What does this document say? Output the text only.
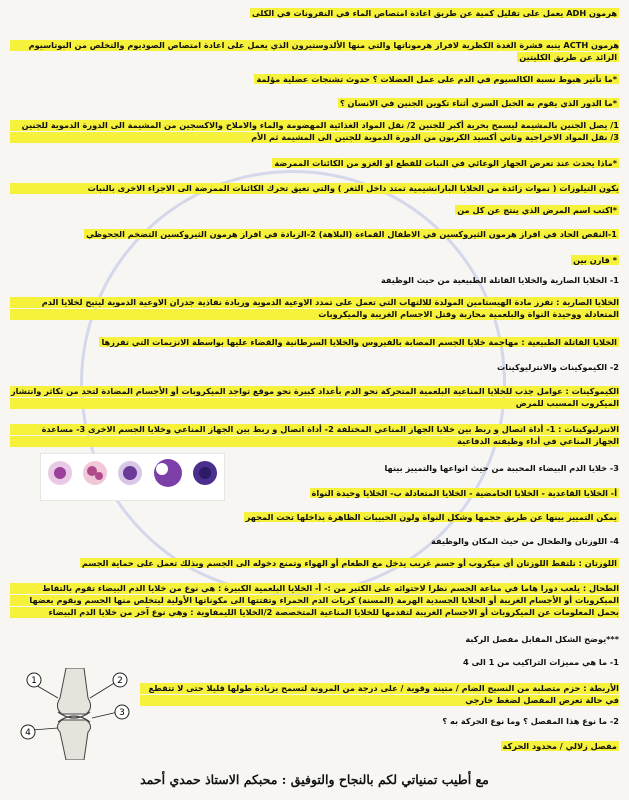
هرمون ADH يعمل على تقليل كمية عن طريق اعادة امتصاص الماء في النفرونات في الكلى
هرمون ACTH ينبه قشرة الغدة الكظرية لافراز هرموناتها والتي منها الألدوستيرون الذي يعمل على اعادة امتصاص الصوديوم والتخلص من البوتاسيوم
الزائد عن طريق الكليتين
*ما تأثير هبوط نسبة الكالسيوم في الدم على عمل العضلات ؟ حدوث تشنجات عضلية مؤلمة
*ما الدور الذي يقوم به الحبل السري أثناء تكوين الجنين في الانسان ؟
1/ يصل الجنين بالمشيمة ليسمح بحرية أكبر للجنين 2/ نقل المواد الغذائية المهضومة والماء والاملاح والاكسجين من المشيمة الى الدورة الدموية للجنين
3/ نقل المواد الاخراجية وثاني أكسيد الكربون من الدورة الدموية للجنين الى المشيمة ثم الأم
*ماذا يحدث عند تعرض الجهاز الوعائي في النبات للقطع او الغزو من الكائنات الممرضة
يكون التيلوزات ( نموات زائدة من الخلايا البارانشيمية تمتد داخل الثغر ) والتي تعيق تحرك الكائنات الممرضة الى الاجزاء الاخرى بالنبات
*اكتب اسم المرض الذي ينتج عن كل من
1-النقص الحاد في افراز هرمون الثيروكسين في الاطفال القماءة (البلاهة) 2-الزيادة في افراز هرمون الثيروكسين التضخم الجحوظي
* قارن بين
1- الخلايا الصارية والخلايا القاتلة الطبيعية من حيث الوظيفة
الخلايا الصارية : تفرز مادة الهيستامين المولدة للالتهاب التي تعمل على تمدد الاوعية الدموية وزيادة نفاذية جدران الاوعية الدموية ليتيح لخلايا الدم
المتعادلة ووحيدة النواة والبلعمية محاربة وقتل الاجسام الغريبة والميكروبات
الخلايا القاتلة الطبيعية : مهاجمة خلايا الجسم المصابة بالفيروس والخلايا السرطانية والقضاء عليها بواسطة الانزيمات التي تفرزها
2- الكيموكينات والانترليوكينات
الكيموكينات : عوامل جذب للخلايا المناعية البلعمية المتحركة نحو الدم بأعداد كبيرة نحو موقع تواجد الميكروبات أو الأجسام المضادة لتحد من تكاثر وانتشار
الميكروب المسبب للمرض
الانترليوكينات : 1- أداة اتصال و ربط بين خلايا الجهاز المناعي المختلفة 2- أداة اتصال و ربط بين الجهاز المناعي وخلايا الجسم الاخرى 3- مساعدة
الجهاز المناعي في أداء وظيفته الدفاعية
3- خلايا الدم البيضاء المحببة من حيث انواعها والتمييز بينها
أ- الخلايا القاعدية - الخلايا الحامضية - الخلايا المتعادلة ب- الخلايا وحيدة النواة
يمكن التمييز بينها عن طريق حجمها وشكل النواة ولون الحبيبات الظاهرة بداخلها تحت المجهر
4- اللوزتان والطحال من حيث المكان والوظيفة
اللوزتان : تلتقط اللوزتان أي ميكروب أو جسم غريب يدخل مع الطعام أو الهواء وتمنع دخوله الى الجسم وبذلك تعمل على حماية الجسم
الطحال : يلعب دورا هاما في مناعة الجسم نظرا لاحتوائه على الكثير من :- أ- الخلايا البلعمية الكبيرة : هي نوع من خلايا الدم البيضاء تقوم بالتقاط
الميكروبات أو الأجسام الغريبة أو الخلايا الجسدية الهرمة (المسنة) كريات الدم الحمراء وتفتتها الى مكوناتها الأولية ليتخلص منها الجسم ويقوم بعضها
بحمل المعلومات عن الميكروبات أو الاجسام الغريبة لتقدمها للخلايا المناعية المتخصصة 2/الخلايا الليمفاوية : وهي نوع آخر من خلايا الدم البيضاء
***يوضح الشكل المقابل مفصل الركبة
1- ما هي مميزات التراكيب من 1 الى 4
الأربطة : حزم متصلبة من النسيج الضام / متينة وقوية / على درجة من المرونة لتسمح بزيادة طولها قليلا حتى لا تتقطع
في حالة تعرض المفصل لضغط خارجي
2- ما نوع هذا المفصل ؟ وما نوع الحركة به ؟
مفصل زلالي / محدود الحركة
1	2
3
4
مع أطيب تمنياتي لكم بالنجاح والتوفيق : محبكم الاستاذ حمدي أحمد
